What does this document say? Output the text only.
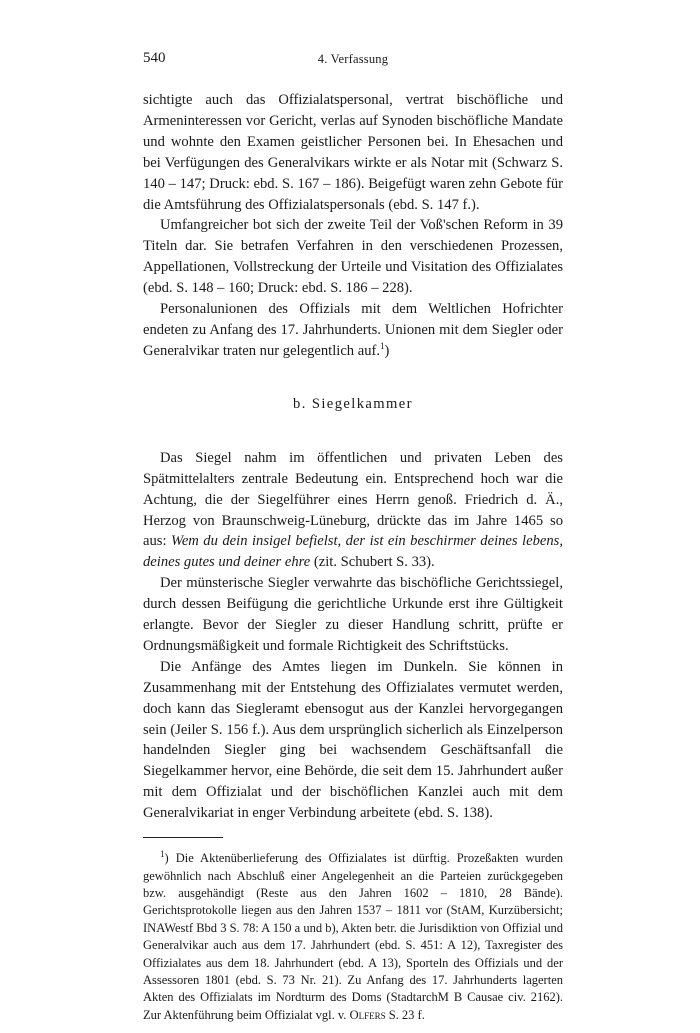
540	4. Verfassung

sichtigte auch das Offizialatspersonal, vertrat bischöfliche und Armeninteressen vor Gericht, verlas auf Synoden bischöfliche Mandate und wohnte den Examen geistlicher Personen bei. In Ehesachen und bei Verfügungen des Generalvikars wirkte er als Notar mit (Schwarz S. 140 – 147; Druck: ebd. S. 167 – 186). Beigefügt waren zehn Gebote für die Amtsführung des Offizialatspersonals (ebd. S. 147 f.).

Umfangreicher bot sich der zweite Teil der Voß'schen Reform in 39 Titeln dar. Sie betrafen Verfahren in den verschiedenen Prozessen, Appellationen, Vollstreckung der Urteile und Visitation des Offizialates (ebd. S. 148 – 160; Druck: ebd. S. 186 – 228).

Personalunionen des Offizials mit dem Weltlichen Hofrichter endeten zu Anfang des 17. Jahrhunderts. Unionen mit dem Siegler oder Generalvikar traten nur gelegentlich auf.$^1$)

b. Siegelkammer

Das Siegel nahm im öffentlichen und privaten Leben des Spätmittelalters zentrale Bedeutung ein. Entsprechend hoch war die Achtung, die der Siegelführer eines Herrn genoß. Friedrich d. Ä., Herzog von Braunschweig-Lüneburg, drückte das im Jahre 1465 so aus: Wem du dein insigel befielst, der ist ein beschirmer deines lebens, deines gutes und deiner ehre (zit. Schubert S. 33).

Der münsterische Siegler verwahrte das bischöfliche Gerichtssiegel, durch dessen Beifügung die gerichtliche Urkunde erst ihre Gültigkeit erlangte. Bevor der Siegler zu dieser Handlung schritt, prüfte er Ordnungsmäßigkeit und formale Richtigkeit des Schriftstücks.

Die Anfänge des Amtes liegen im Dunkeln. Sie können in Zusammenhang mit der Entstehung des Offizialates vermutet werden, doch kann das Siegleramt ebensogut aus der Kanzlei hervorgegangen sein (Jeiler S. 156 f.). Aus dem ursprünglich sicherlich als Einzelperson handelnden Siegler ging bei wachsendem Geschäftsanfall die Siegelkammer hervor, eine Behörde, die seit dem 15. Jahrhundert außer mit dem Offizialat und der bischöflichen Kanzlei auch mit dem Generalvikariat in enger Verbindung arbeitete (ebd. S. 138).

$^1$) Die Aktenüberlieferung des Offizialates ist dürftig. Prozeßakten wurden gewöhnlich nach Abschluß einer Angelegenheit an die Parteien zurückgegeben bzw. ausgehändigt (Reste aus den Jahren 1602 – 1810, 28 Bände). Gerichtsprotokolle liegen aus den Jahren 1537 – 1811 vor (StAM, Kurzübersicht; INAWestf Bbd 3 S. 78: A 150 a und b), Akten betr. die Jurisdiktion von Offizial und Generalvikar auch aus dem 17. Jahrhundert (ebd. S. 451: A 12), Taxregister des Offizialates aus dem 18. Jahrhundert (ebd. A 13), Sporteln des Offizials und der Assessoren 1801 (ebd. S. 73 Nr. 21). Zu Anfang des 17. Jahrhunderts lagerten Akten des Offizialats im Nordturm des Doms (StadtarchM B Causae civ. 2162). Zur Aktenführung beim Offizialat vgl. v. Olfers S. 23 f.
